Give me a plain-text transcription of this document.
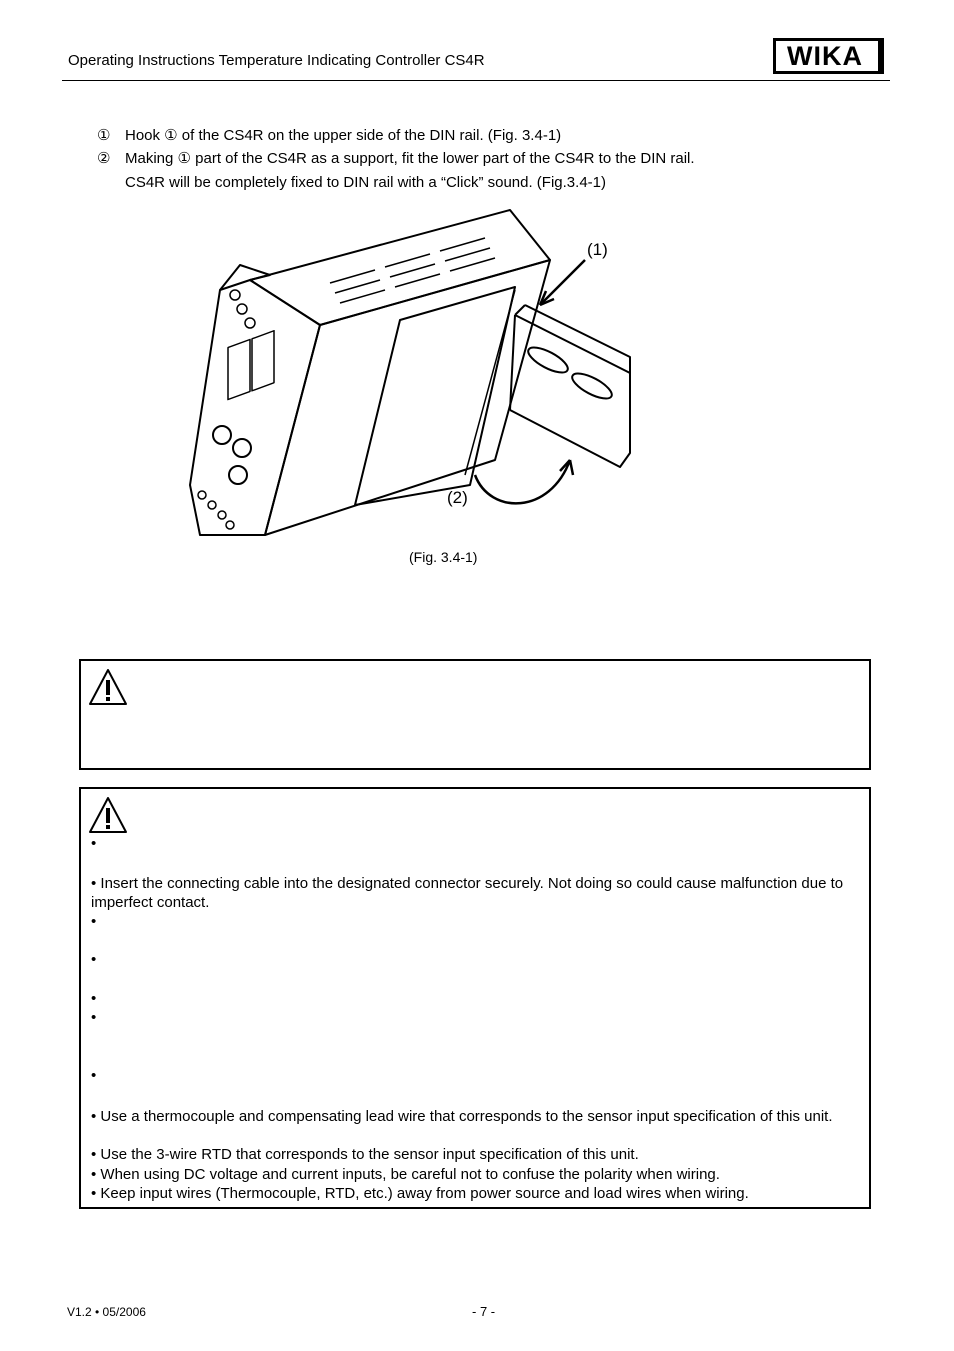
Operating Instructions Temperature Indicating Controller CS4R	WIKA
① Hook ① of the CS4R on the upper side of the DIN rail. (Fig. 3.4-1)
② Making ① part of the CS4R as a support, fit the lower part of the CS4R to the DIN rail.
CS4R will be completely fixed to DIN rail with a “Click” sound. (Fig.3.4-1)
(1)
(2)
(Fig. 3.4-1)
•
• Insert the connecting cable into the designated connector securely. Not doing so could cause malfunction due to imperfect contact.
•
•
•
•
•
• Use a thermocouple and compensating lead wire that corresponds to the sensor input specification of this unit.
• Use the 3-wire RTD that corresponds to the sensor input specification of this unit.
• When using DC voltage and current inputs, be careful not to confuse the polarity when wiring.
• Keep input wires (Thermocouple, RTD, etc.) away from power source and load wires when wiring.
V1.2 • 05/2006	- 7 -
